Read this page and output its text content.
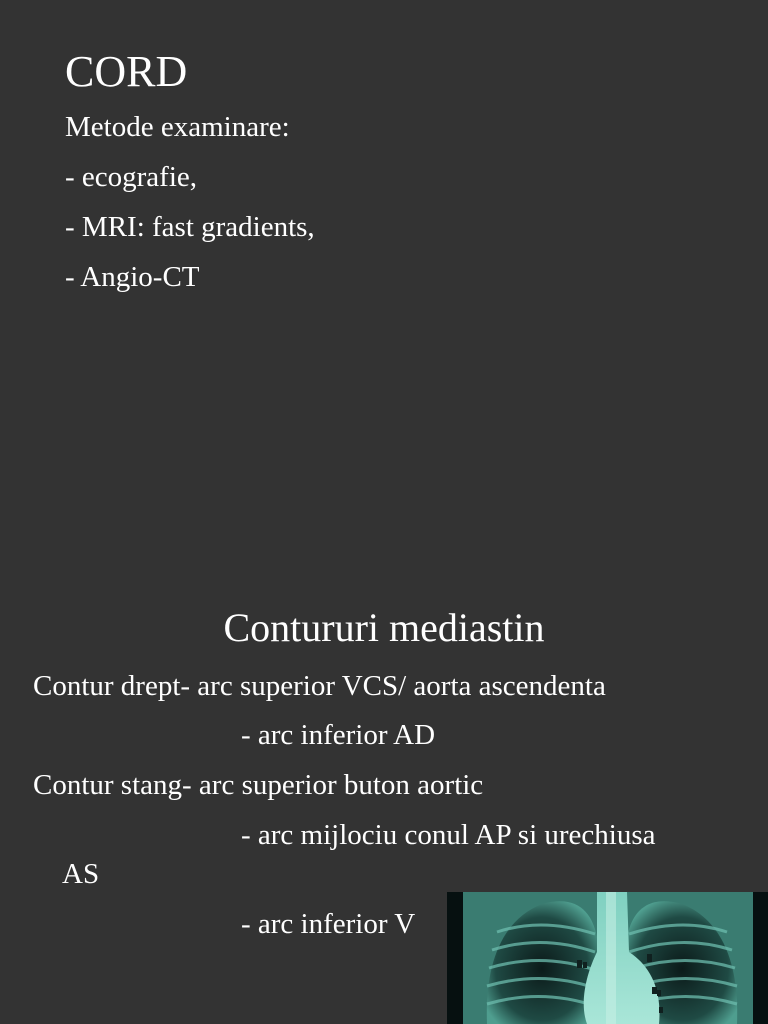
CORD
Metode examinare:
- ecografie,
- MRI: fast gradients,
- Angio-CT
Contururi mediastin
Contur drept- arc superior VCS/ aorta ascendenta
- arc inferior AD
Contur stang- arc superior buton aortic
- arc mijlociu conul AP si urechiusa
AS
- arc inferior V
